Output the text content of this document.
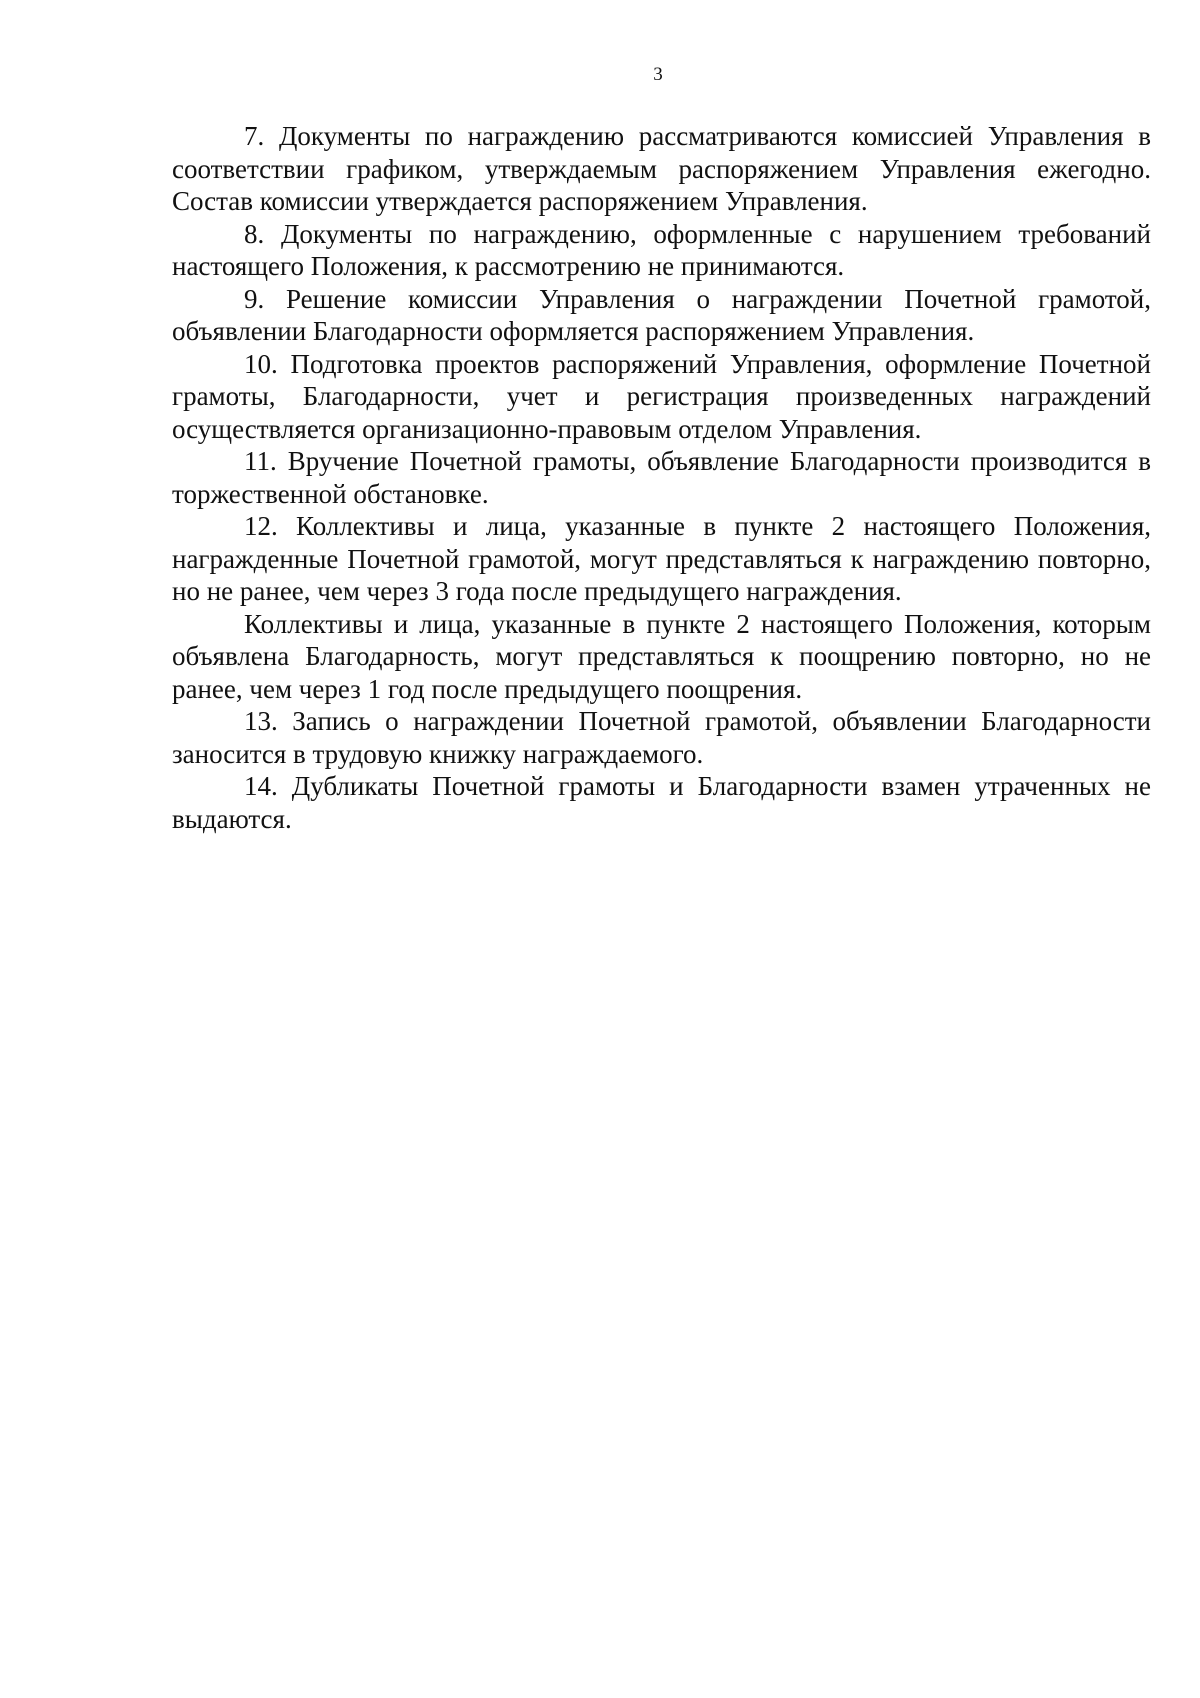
3

7. Документы по награждению рассматриваются комиссией Управления в соответствии графиком, утверждаемым распоряжением Управления ежегодно. Состав комиссии утверждается распоряжением Управления.

8. Документы по награждению, оформленные с нарушением требований настоящего Положения, к рассмотрению не принимаются.

9. Решение комиссии Управления о награждении Почетной грамотой, объявлении Благодарности оформляется распоряжением Управления.

10. Подготовка проектов распоряжений Управления, оформление Почетной грамоты, Благодарности, учет и регистрация произведенных награждений осуществляется организационно-правовым отделом Управления.

11. Вручение Почетной грамоты, объявление Благодарности производится в торжественной обстановке.

12. Коллективы и лица, указанные в пункте 2 настоящего Положения, награжденные Почетной грамотой, могут представляться к награждению повторно, но не ранее, чем через 3 года после предыдущего награждения.

Коллективы и лица, указанные в пункте 2 настоящего Положения, которым объявлена Благодарность, могут представляться к поощрению повторно, но не ранее, чем через 1 год после предыдущего поощрения.

13. Запись о награждении Почетной грамотой, объявлении Благодарности заносится в трудовую книжку награждаемого.

14. Дубликаты Почетной грамоты и Благодарности взамен утраченных не выдаются.
